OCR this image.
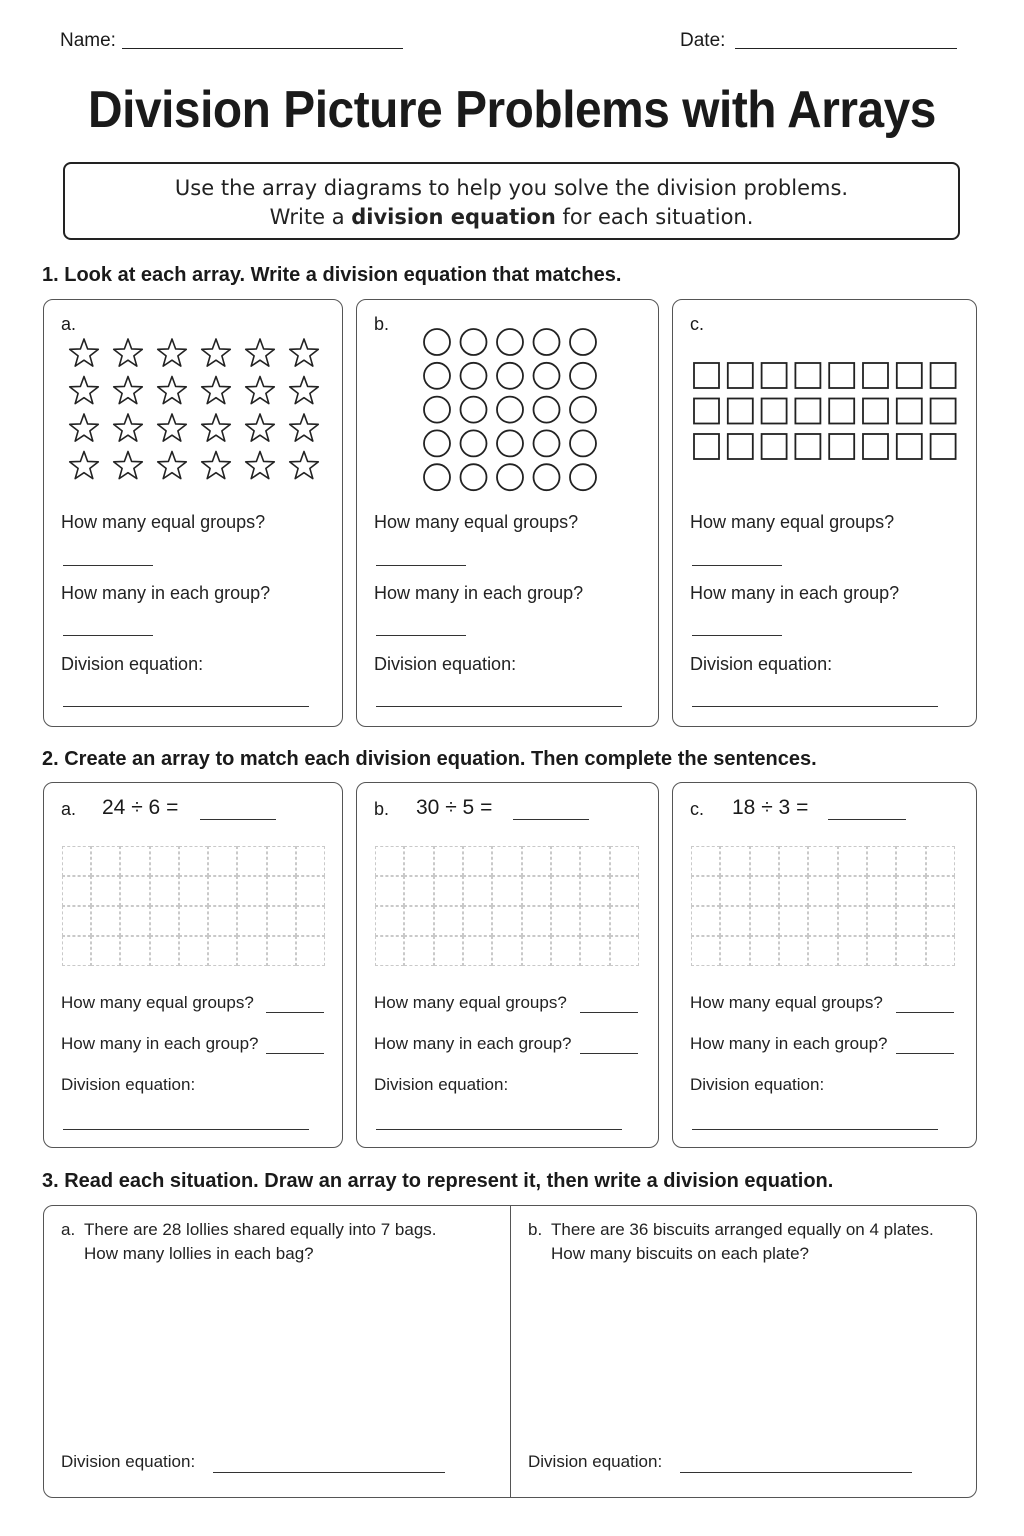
Name:	Date:
Division Picture Problems with Arrays
Use the array diagrams to help you solve the division problems.
Write a division equation for each situation.
1. Look at each array. Write a division equation that matches.
a.
How many equal groups?
How many in each group?
Division equation:
b.
How many equal groups?
How many in each group?
Division equation:
c.
How many equal groups?
How many in each group?
Division equation:
2. Create an array to match each division equation. Then complete the sentences.
a. 24 ÷ 6 =
How many equal groups?
How many in each group?
Division equation:
b. 30 ÷ 5 =
How many equal groups?
How many in each group?
Division equation:
c. 18 ÷ 3 =
How many equal groups?
How many in each group?
Division equation:
3. Read each situation. Draw an array to represent it, then write a division equation.
a. There are 28 lollies shared equally into 7 bags.
How many lollies in each bag?
Division equation:
b. There are 36 biscuits arranged equally on 4 plates.
How many biscuits on each plate?
Division equation:
